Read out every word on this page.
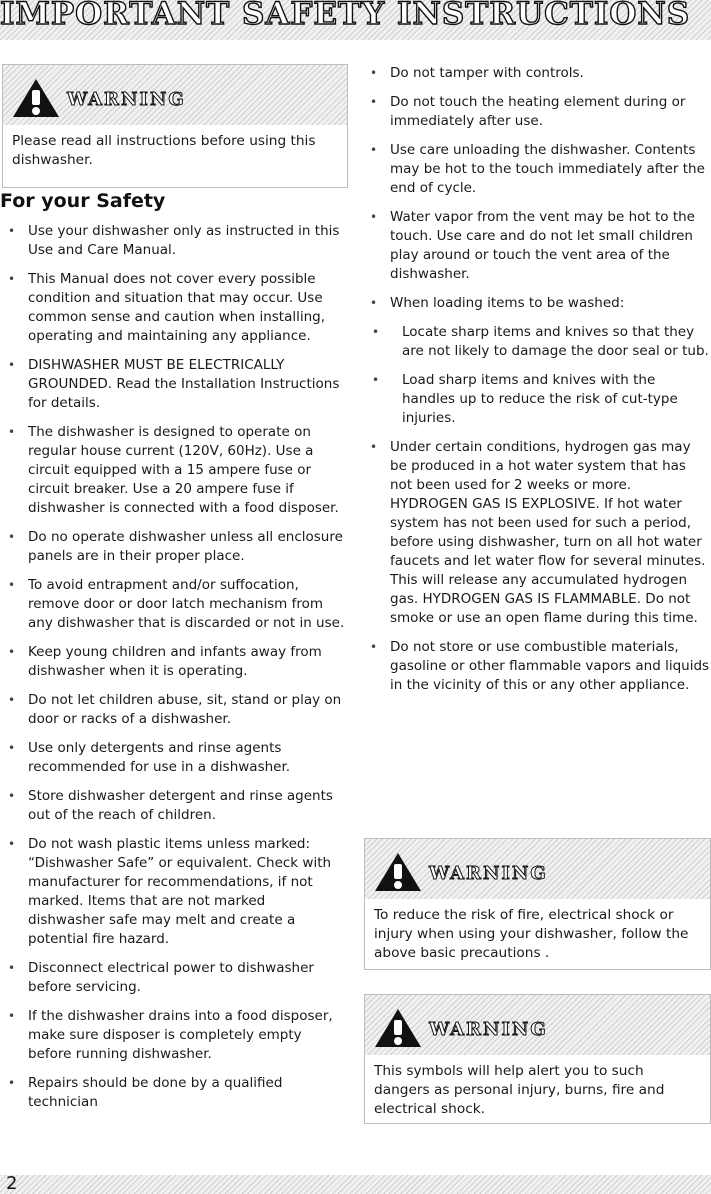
IMPORTANT SAFETY INSTRUCTIONS
WARNING
Please read all instructions before using this dishwasher.
For your Safety
• Use your dishwasher only as instructed in this Use and Care Manual.
• This Manual does not cover every possible condition and situation that may occur. Use common sense and caution when installing, operating and maintaining any appliance.
• DISHWASHER MUST BE ELECTRICALLY GROUNDED. Read the Installation Instructions for details.
• The dishwasher is designed to operate on regular house current (120V, 60Hz). Use a circuit equipped with a 15 ampere fuse or circuit breaker. Use a 20 ampere fuse if dishwasher is connected with a food disposer.
• Do no operate dishwasher unless all enclosure panels are in their proper place.
• To avoid entrapment and/or suffocation, remove door or door latch mechanism from any dishwasher that is discarded or not in use.
• Keep young children and infants away from dishwasher when it is operating.
• Do not let children abuse, sit, stand or play on door or racks of a dishwasher.
• Use only detergents and rinse agents recommended for use in a dishwasher.
• Store dishwasher detergent and rinse agents out of the reach of children.
• Do not wash plastic items unless marked: “Dishwasher Safe” or equivalent. Check with manufacturer for recommendations, if not marked. Items that are not marked dishwasher safe may melt and create a potential fire hazard.
• Disconnect electrical power to dishwasher before servicing.
• If the dishwasher drains into a food disposer, make sure disposer is completely empty before running dishwasher.
• Repairs should be done by a qualified technician
• Do not tamper with controls.
• Do not touch the heating element during or immediately after use.
• Use care unloading the dishwasher. Contents may be hot to the touch immediately after the end of cycle.
• Water vapor from the vent may be hot to the touch. Use care and do not let small children play around or touch the vent area of the dishwasher.
• When loading items to be washed:
• Locate sharp items and knives so that they are not likely to damage the door seal or tub.
• Load sharp items and knives with the handles up to reduce the risk of cut-type injuries.
• Under certain conditions, hydrogen gas may be produced in a hot water system that has not been used for 2 weeks or more. HYDROGEN GAS IS EXPLOSIVE. If hot water system has not been used for such a period, before using dishwasher, turn on all hot water faucets and let water flow for several minutes. This will release any accumulated hydrogen gas. HYDROGEN GAS IS FLAMMABLE. Do not smoke or use an open flame during this time.
• Do not store or use combustible materials, gasoline or other flammable vapors and liquids in the vicinity of this or any other appliance.
WARNING
To reduce the risk of fire, electrical shock or injury when using your dishwasher, follow the above basic precautions .
WARNING
This symbols will help alert you to such dangers as personal injury, burns, fire and electrical shock.
2
